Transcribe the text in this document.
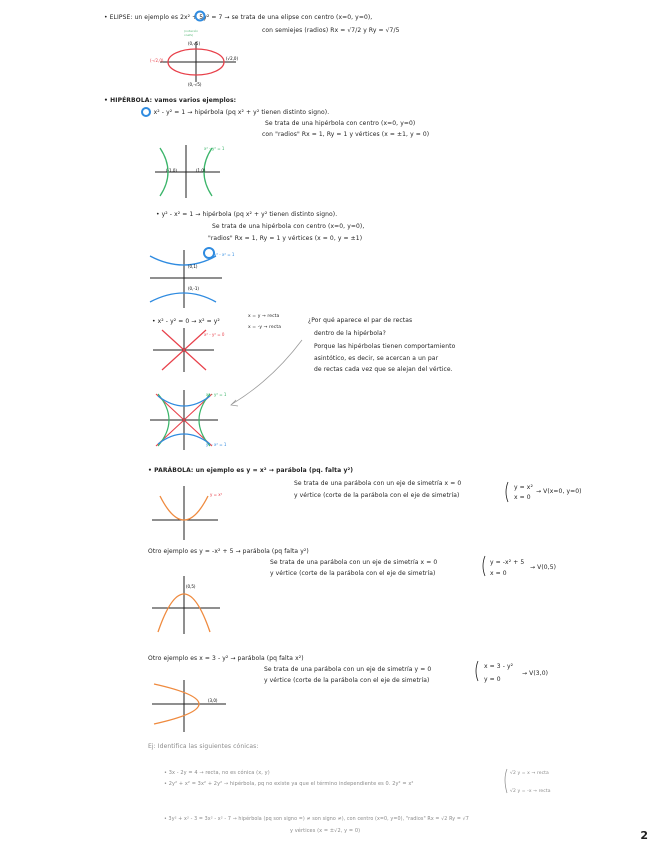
• ELIPSE: un ejemplo es 2x² + 5y² = 7 → se trata de una elipse con centro (x=0, y=0),
con semiejes (radios) Rx = √7/2 y Ry = √7/5
(notación
coefs)
(0,√5)
(0,-√5)
(-√2,0)	(√2,0)
• HIPÉRBOLA: vamos varios ejemplos:
• x² - y² = 1 → hipérbola (pq x² + y² tienen distinto signo).
Se trata de una hipérbola con centro (x=0, y=0)
con "radios" Rx = 1, Ry = 1 y vértices (x = ±1, y = 0)
x² - y² = 1
(-1,0)	(1,0)
• y² - x² = 1 → hipérbola (pq x² + y² tienen distinto signo).
Se trata de una hipérbola con centro (x=0, y=0),
"radios" Rx = 1, Ry = 1 y vértices (x = 0, y = ±1)
y² - x² = 1
(0,1)
(0,-1)
• x² - y² = 0 → x² = y²
x = y → recta
x = -y → recta
¿Por qué aparece el par de rectas
dentro de la hipérbola?
Porque las hipérbolas tienen comportamiento
asintótico, es decir, se acercan a un par
de rectas cada vez que se alejan del vértice.
x² - y² = 0
x² - y² = 1
y² - x² = 1
• PARÁBOLA: un ejemplo es y = x² → parábola (pq. falta y²)
Se trata de una parábola con un eje de simetría x = 0
y vértice (corte de la parábola con el eje de simetría)
y = x²
x = 0
→ V(x=0, y=0)
y = x²
Otro ejemplo es y = -x² + 5 → parábola (pq falta y²)
Se trata de una parábola con un eje de simetría x = 0
y vértice (corte de la parábola con el eje de simetría)
y = -x² + 5
x = 0
→ V(0,5)
(0,5)
Otro ejemplo es x = 3 - y² → parábola (pq falta x²)
Se trata de una parábola con un eje de simetría y = 0
y vértice (corte de la parábola con el eje de simetría)
x = 3 - y²
y = 0
→ V(3,0)
(3,0)
Ej: Identifica las siguientes cónicas:
• 3x - 2y = 4 → recta, no es cónica (x, y)
• 2y² + x² = 3x² + 2y² → hipérbola, pq no existe ya que el término independiente es 0. 2y² = x²
√2 y = x → recta
√2 y = -x → recta
• 3y² + x² - 3 = 3x² - x² - 7 → hipérbola (pq son signo =) ≠ son signo ≠), con centro (x=0, y=0), "radios" Rx = √2 Ry = √7
y vértices (x = ±√2, y = 0)	2
